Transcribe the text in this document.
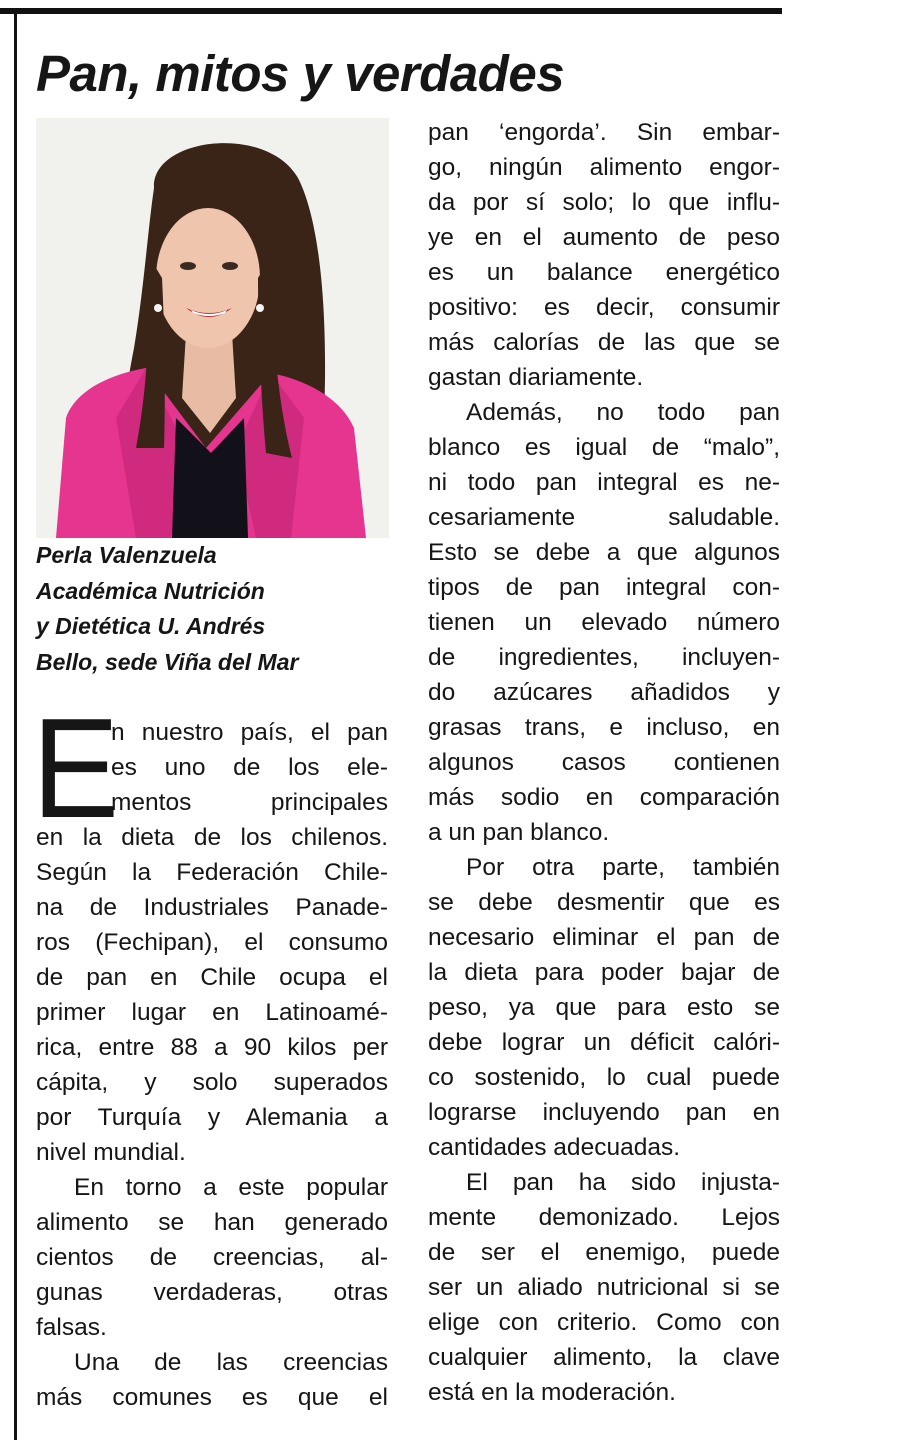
Pan, mitos y verdades
Perla Valenzuela
Académica Nutrición
y Dietética U. Andrés
Bello, sede Viña del Mar
E

n nuestro país, el pan

es uno de los ele-

mentos principales

en la dieta de los chilenos.

Según la Federación Chile-

na de Industriales Panade-

ros (Fechipan), el consumo

de pan en Chile ocupa el

primer lugar en Latinoamé-

rica, entre 88 a 90 kilos per

cápita, y solo superados

por Turquía y Alemania a

nivel mundial.

En torno a este popular

alimento se han generado

cientos de creencias, al-

gunas verdaderas, otras

falsas.

Una de las creencias

más comunes es que el

pan ‘engorda’. Sin embar-

go, ningún alimento engor-

da por sí solo; lo que influ-

ye en el aumento de peso

es un balance energético

positivo: es decir, consumir

más calorías de las que se

gastan diariamente.

Además, no todo pan

blanco es igual de “malo”,

ni todo pan integral es ne-

cesariamente saludable.

Esto se debe a que algunos

tipos de pan integral con-

tienen un elevado número

de ingredientes, incluyen-

do azúcares añadidos y

grasas trans, e incluso, en

algunos casos contienen

más sodio en comparación

a un pan blanco.

Por otra parte, también

se debe desmentir que es

necesario eliminar el pan de

la dieta para poder bajar de

peso, ya que para esto se

debe lograr un déficit calóri-

co sostenido, lo cual puede

lograrse incluyendo pan en

cantidades adecuadas.

El pan ha sido injusta-

mente demonizado. Lejos

de ser el enemigo, puede

ser un aliado nutricional si se

elige con criterio. Como con

cualquier alimento, la clave

está en la moderación.
